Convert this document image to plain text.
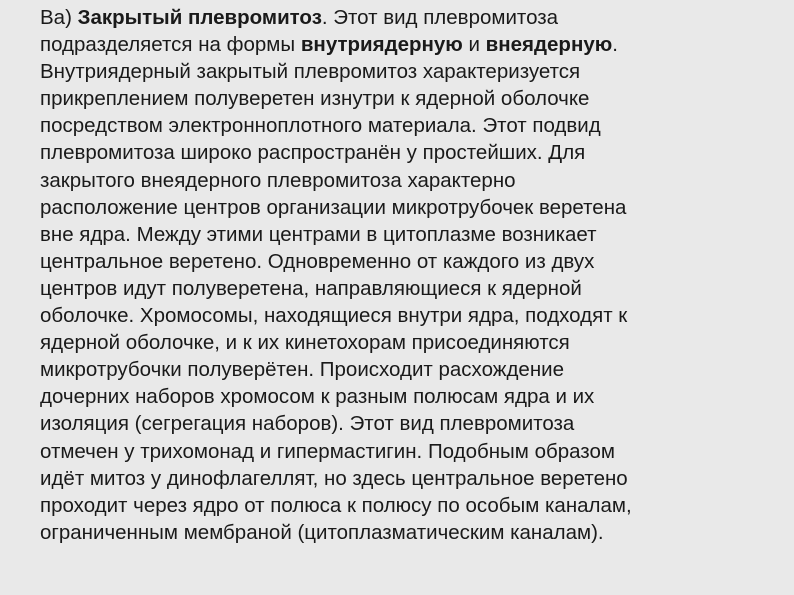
Ва) Закрытый плевромитоз. Этот вид плевромитоза
подразделяется на формы внутриядерную и внеядерную.
Внутриядерный закрытый плевромитоз характеризуется
прикреплением полуверетен изнутри к ядерной оболочке
посредством электронноплотного материала. Этот подвид
плевромитоза широко распространён у простейших. Для
закрытого внеядерного плевромитоза характерно
расположение центров организации микротрубочек веретена
вне ядра. Между этими центрами в цитоплазме возникает
центральное веретено. Одновременно от каждого из двух
центров идут полуверетена, направляющиеся к ядерной
оболочке. Хромосомы, находящиеся внутри ядра, подходят к
ядерной оболочке, и к их кинетохорам присоединяются
микротрубочки полуверётен. Происходит расхождение
дочерних наборов хромосом к разным полюсам ядра и их
изоляция (сегрегация наборов). Этот вид плевромитоза
отмечен у трихомонад и гипермастигин. Подобным образом
идёт митоз у динофлагеллят, но здесь центральное веретено
проходит через ядро от полюса к полюсу по особым каналам,
ограниченным мембраной (цитоплазматическим каналам).
